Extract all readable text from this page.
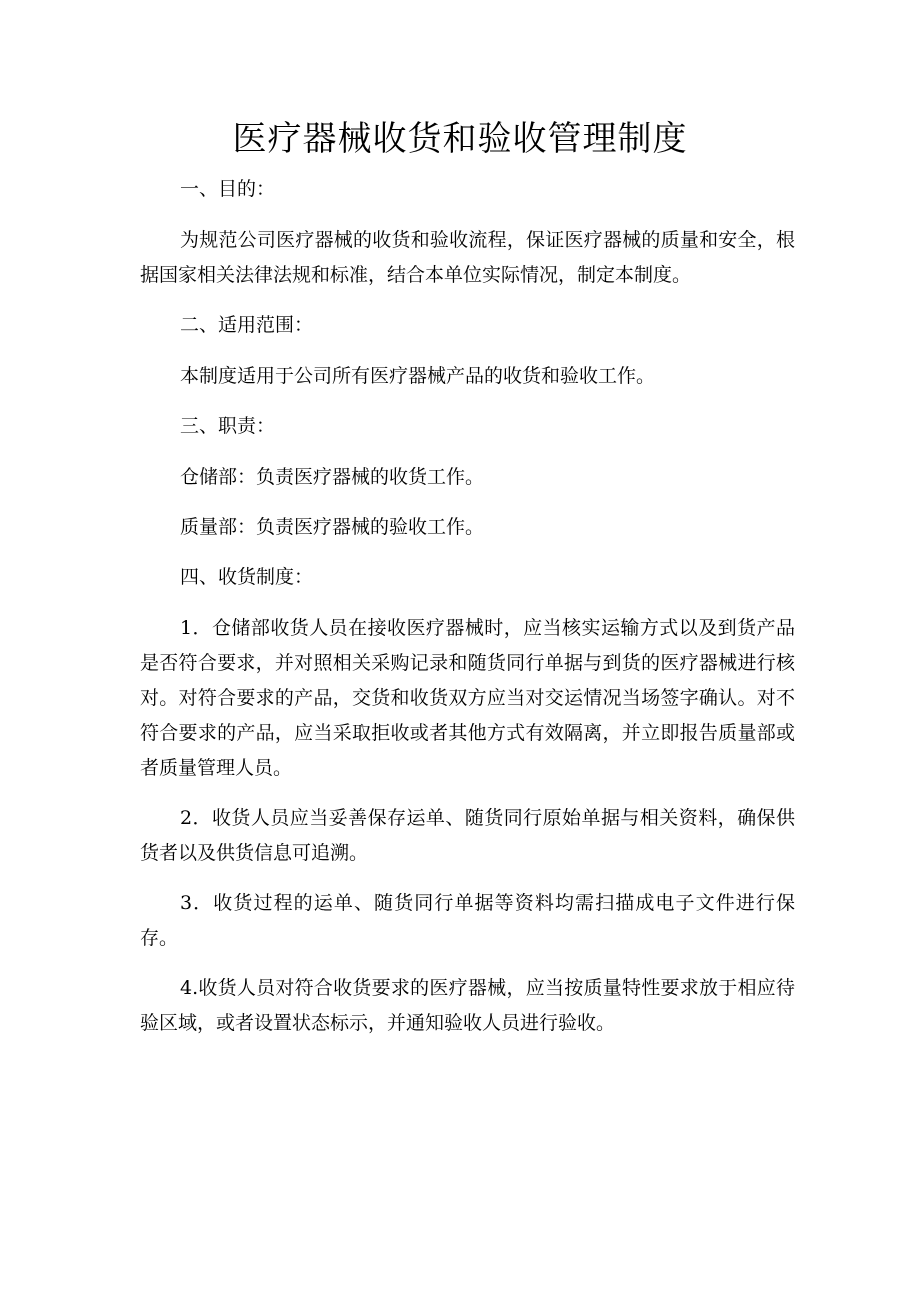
医疗器械收货和验收管理制度

一、目的：

为规范公司医疗器械的收货和验收流程，保证医疗器械的质量和安全，根据国家相关法律法规和标准，结合本单位实际情况，制定本制度。

二、适用范围：

本制度适用于公司所有医疗器械产品的收货和验收工作。

三、职责：

仓储部：负责医疗器械的收货工作。

质量部：负责医疗器械的验收工作。

四、收货制度：

1．仓储部收货人员在接收医疗器械时，应当核实运输方式以及到货产品是否符合要求，并对照相关采购记录和随货同行单据与到货的医疗器械进行核对。对符合要求的产品，交货和收货双方应当对交运情况当场签字确认。对不符合要求的产品，应当采取拒收或者其他方式有效隔离，并立即报告质量部或者质量管理人员。

2．收货人员应当妥善保存运单、随货同行原始单据与相关资料，确保供货者以及供货信息可追溯。

3．收货过程的运单、随货同行单据等资料均需扫描成电子文件进行保存。

4.收货人员对符合收货要求的医疗器械，应当按质量特性要求放于相应待验区域，或者设置状态标示，并通知验收人员进行验收。
